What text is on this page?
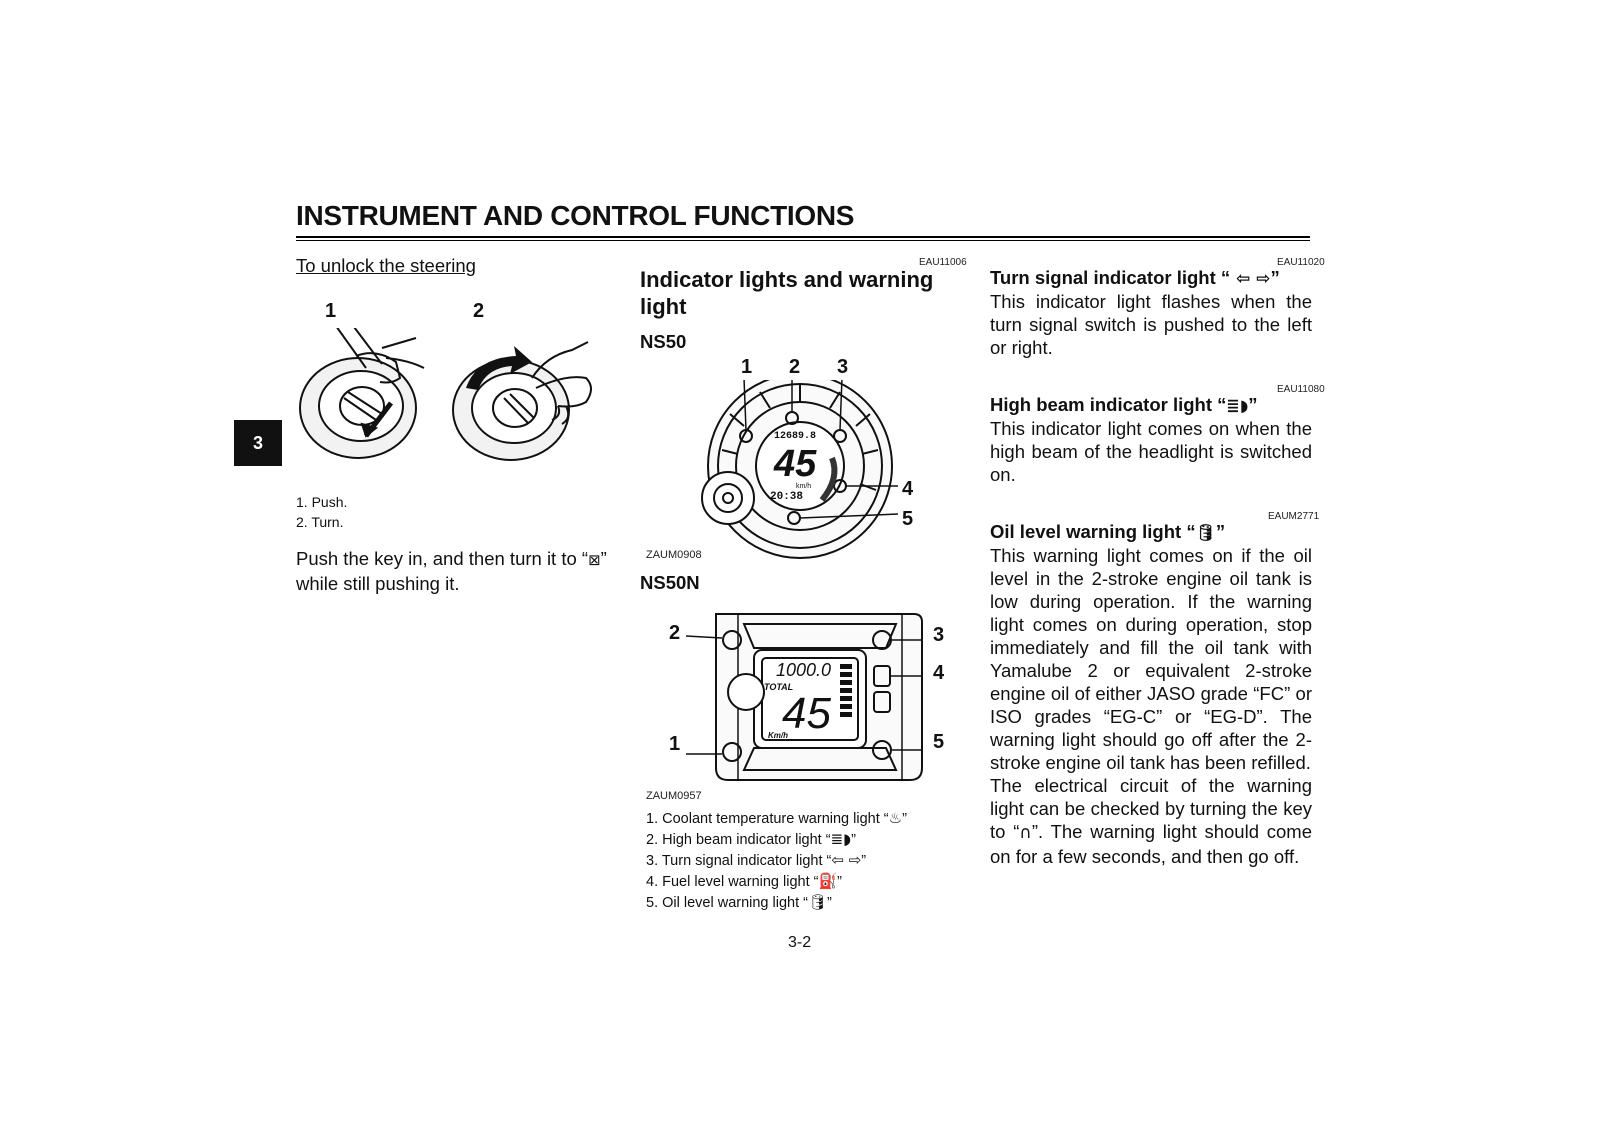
INSTRUMENT AND CONTROL FUNCTIONS
3
To unlock the steering
1	2
1. Push.
2. Turn.
Push the key in, and then turn it to “⊠”
while still pushing it.
EAU11006
Indicator lights and warning light
NS50
1 2 3
4
5
12689.8
45
km/h
20:38
ZAUM0908
NS50N
2	3
4
1	5
1000.0
TOTAL
45
Km/h
ZAUM0957
1. Coolant temperature warning light “♨”
2. High beam indicator light “≣◗”
3. Turn signal indicator light “⇦ ⇨”
4. Fuel level warning light “⛽”
5. Oil level warning light “🛢”
EAU11020
Turn signal indicator light “ ⇦ ⇨”
This indicator light flashes when the turn signal switch is pushed to the left or right.
EAU11080
High beam indicator light “≣◗”
This indicator light comes on when the high beam of the headlight is switched on.
EAUM2771
Oil level warning light “🛢”
This warning light comes on if the oil level in the 2-stroke engine oil tank is low during operation. If the warning light comes on during operation, stop immediately and fill the oil tank with Yamalube 2 or equivalent 2-stroke engine oil of either JASO grade “FC” or ISO grades “EG-C” or “EG-D”. The warning light should go off after the 2-stroke engine oil tank has been refilled.
The electrical circuit of the warning light can be checked by turning the key to “∩”. The warning light should come on for a few seconds, and then go off.
3-2
